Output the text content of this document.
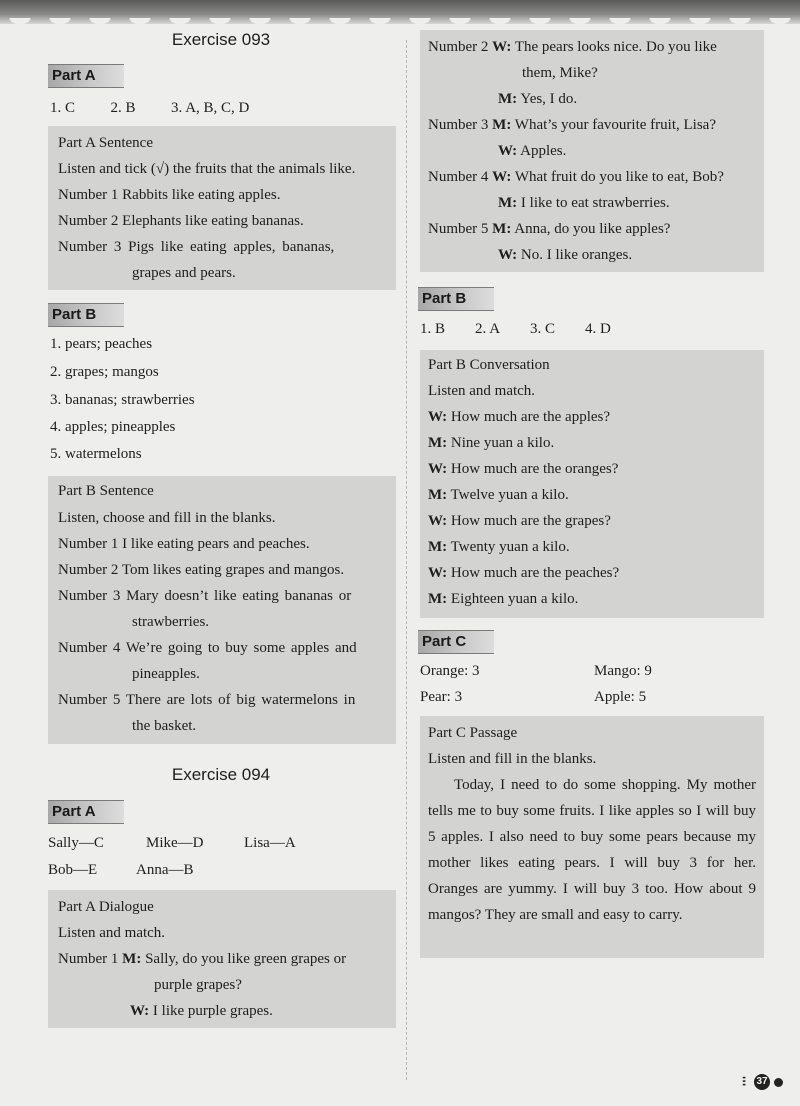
Exercise 093
Part A
1. C 2. B 3. A, B, C, D
Part A Sentence
Listen and tick (√) the fruits that the animals like.
Number 1 Rabbits like eating apples.
Number 2 Elephants like eating bananas.
Number 3 Pigs like eating apples, bananas,
grapes and pears.
Part B
1. pears; peaches
2. grapes; mangos
3. bananas; strawberries
4. apples; pineapples
5. watermelons
Part B Sentence
Listen, choose and fill in the blanks.
Number 1 I like eating pears and peaches.
Number 2 Tom likes eating grapes and mangos.
Number 3 Mary doesn’t like eating bananas or
strawberries.
Number 4 We’re going to buy some apples and
pineapples.
Number 5 There are lots of big watermelons in
the basket.
Exercise 094
Part A
Sally—C	Mike—D	Lisa—A
Bob—E	Anna—B
Part A Dialogue
Listen and match.
Number 1 M: Sally, do you like green grapes or
purple grapes?
W: I like purple grapes.
Number 2 W: The pears looks nice. Do you like
them, Mike?
M: Yes, I do.
Number 3 M: What’s your favourite fruit, Lisa?
W: Apples.
Number 4 W: What fruit do you like to eat, Bob?
M: I like to eat strawberries.
Number 5 M: Anna, do you like apples?
W: No. I like oranges.
Part B
1. B 2. A 3. C 4. D
Part B Conversation
Listen and match.
W: How much are the apples?
M: Nine yuan a kilo.
W: How much are the oranges?
M: Twelve yuan a kilo.
W: How much are the grapes?
M: Twenty yuan a kilo.
W: How much are the peaches?
M: Eighteen yuan a kilo.
Part C
Orange: 3	Mango: 9
Pear: 3	Apple: 5
Part C Passage
Listen and fill in the blanks.
Today, I need to do some shopping. My mother tells me to buy some fruits. I like apples so I will buy 5 apples. I also need to buy some pears because my mother likes eating pears. I will buy 3 for her. Oranges are yummy. I will buy 3 too. How about 9 mangos? They are small and easy to carry.
⫶⫶ 37
